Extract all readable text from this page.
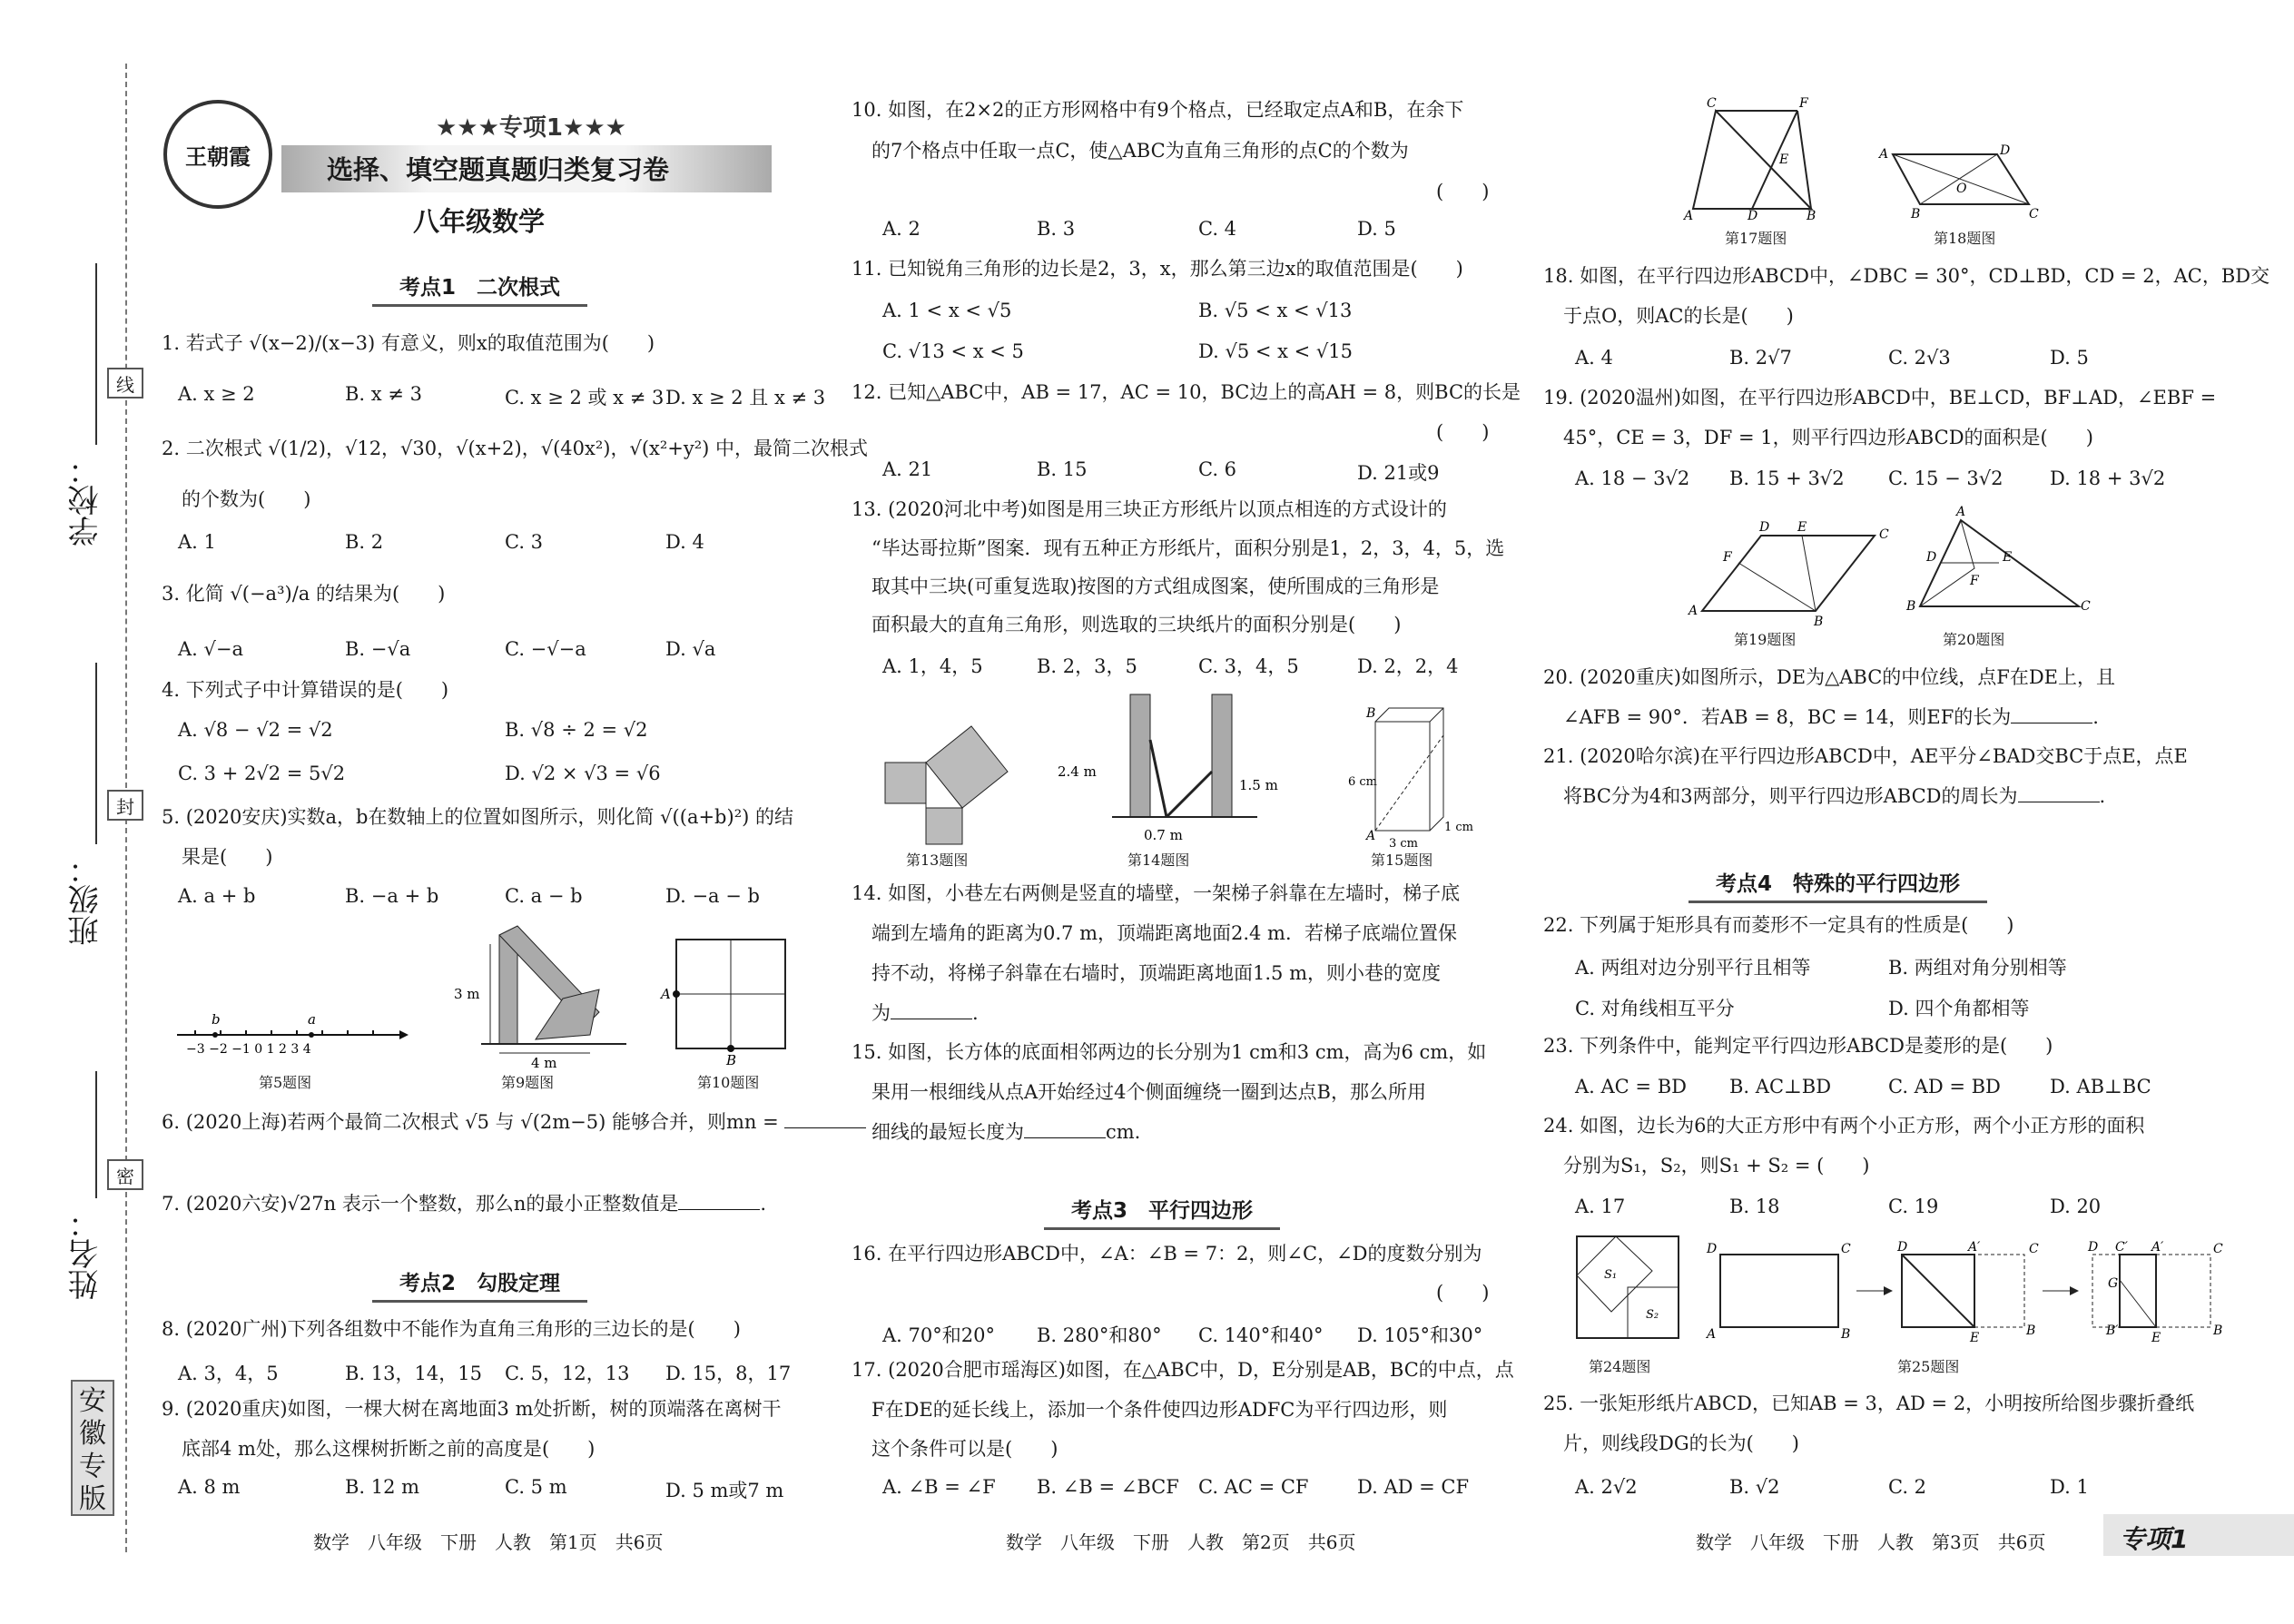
学校：
班级：
姓名：
线
封
密
安徽专版
王朝霞
★★★专项1★★★
选择、填空题真题归类复习卷
八年级数学
考点1　二次根式
1. 若式子 √(x−2)/(x−3) 有意义，则x的取值范围为(　　)
A. x ≥ 2	B. x ≠ 3	C. x ≥ 2 或 x ≠ 3 D. x ≥ 2 且 x ≠ 3
2. 二次根式 √(1/2)，√12，√30，√(x+2)，√(40x²)，√(x²+y²) 中，最简二次根式
的个数为(　　)
A. 1	B. 2	C. 3	D. 4
3. 化简 √(−a³)/a 的结果为(　　)
A. √−a	B. −√a	C. −√−a	D. √a
4. 下列式子中计算错误的是(　　)
A. √8 − √2 = √2	B. √8 ÷ 2 = √2
C. 3 + 2√2 = 5√2	D. √2 × √3 = √6
5. (2020安庆)实数a，b在数轴上的位置如图所示，则化简 √((a+b)²) 的结
果是(　　)
A. a + b	B. −a + b	C. a − b	D. −a − b
b	a
−3 −2 −1 0 1 2 3 4
第5题图
3 m
4 m
第9题图
A
B
第10题图
6. (2020上海)若两个最简二次根式 √5 与 √(2m−5) 能够合并，则mn =
7. (2020六安)√27n 表示一个整数，那么n的最小正整数值是	.
考点2　勾股定理
8. (2020广州)下列各组数中不能作为直角三角形的三边长的是(　　)
A. 3，4，5	B. 13，14，15 C. 5，12，13 D. 15，8，17
9. (2020重庆)如图，一棵大树在离地面3 m处折断，树的顶端落在离树干
底部4 m处，那么这棵树折断之前的高度是(　　)
A. 8 m	B. 12 m	C. 5 m	D. 5 m或7 m
数学　八年级　下册　人教　第1页　共6页
10. 如图，在2×2的正方形网格中有9个格点，已经取定点A和B，在余下
的7个格点中任取一点C，使△ABC为直角三角形的点C的个数为
(　　)
A. 2	B. 3	C. 4	D. 5
11. 已知锐角三角形的边长是2，3，x，那么第三边x的取值范围是(　　)
A. 1 < x < √5	B. √5 < x < √13
C. √13 < x < 5	D. √5 < x < √15
12. 已知△ABC中，AB = 17，AC = 10，BC边上的高AH = 8，则BC的长是
(　　)
A. 21	B. 15	C. 6	D. 21或9
13. (2020河北中考)如图是用三块正方形纸片以顶点相连的方式设计的
“毕达哥拉斯”图案．现有五种正方形纸片，面积分别是1，2，3，4，5，选
取其中三块(可重复选取)按图的方式组成图案，使所围成的三角形是
面积最大的直角三角形，则选取的三块纸片的面积分别是(　　)
A. 1，4，5	B. 2，3，5	C. 3，4，5	D. 2，2，4
第13题图
2.4 m
1.5 m
0.7 m
第14题图
B
A
3 cm
1 cm
6 cm
第15题图
14. 如图，小巷左右两侧是竖直的墙壁，一架梯子斜靠在左墙时，梯子底
端到左墙角的距离为0.7 m，顶端距离地面2.4 m．若梯子底端位置保
持不动，将梯子斜靠在右墙时，顶端距离地面1.5 m，则小巷的宽度
为	.
15. 如图，长方体的底面相邻两边的长分别为1 cm和3 cm，高为6 cm，如
果用一根细线从点A开始经过4个侧面缠绕一圈到达点B，那么所用
细线的最短长度为	cm.
考点3　平行四边形
16. 在平行四边形ABCD中，∠A：∠B = 7：2，则∠C，∠D的度数分别为
(　　)
A. 70°和20° B. 280°和80° C. 140°和40° D. 105°和30°
17. (2020合肥市瑶海区)如图，在△ABC中，D，E分别是AB，BC的中点，点
F在DE的延长线上，添加一个条件使四边形ADFC为平行四边形，则
这个条件可以是(　　)
A. ∠B = ∠F B. ∠B = ∠BCF C. AC = CF	D. AD = CF
数学　八年级　下册　人教　第2页　共6页
C	F
E
A	D	B
第17题图
A	D
O
B	C
第18题图
18. 如图，在平行四边形ABCD中，∠DBC = 30°，CD⊥BD，CD = 2，AC，BD交
于点O，则AC的长是(　　)
A. 4	B. 2√7	C. 2√3	D. 5
19. (2020温州)如图，在平行四边形ABCD中，BE⊥CD，BF⊥AD，∠EBF =
45°，CE = 3，DF = 1，则平行四边形ABCD的面积是(　　)
A. 18 − 3√2 B. 15 + 3√2 C. 15 − 3√2 D. 18 + 3√2
A
D E	C
F
B
第19题图
A
D	E
F
B	C
第20题图
20. (2020重庆)如图所示，DE为△ABC的中位线，点F在DE上，且
∠AFB = 90°．若AB = 8，BC = 14，则EF的长为	.
21. (2020哈尔滨)在平行四边形ABCD中，AE平分∠BAD交BC于点E，点E
将BC分为4和3两部分，则平行四边形ABCD的周长为	.
考点4　特殊的平行四边形
22. 下列属于矩形具有而菱形不一定具有的性质是(　　)
A. 两组对边分别平行且相等	B. 两组对角分别相等
C. 对角线相互平分	D. 四个角都相等
23. 下列条件中，能判定平行四边形ABCD是菱形的是(　　)
A. AC = BD B. AC⊥BD	C. AD = BD	D. AB⊥BC
24. 如图，边长为6的大正方形中有两个小正方形，两个小正方形的面积
分别为S₁，S₂，则S₁ + S₂ = (　　)
A. 17	B. 18	C. 19	D. 20
S₁
S₂
第24题图
D	C
A	B
D	A′	C
E	B
D C′ A′	C
G
B′	E	B
第25题图
25. 一张矩形纸片ABCD，已知AB = 3，AD = 2，小明按所给图步骤折叠纸
片，则线段DG的长为(　　)
A. 2√2	B. √2	C. 2	D. 1
数学　八年级　下册　人教　第3页　共6页	专项1
